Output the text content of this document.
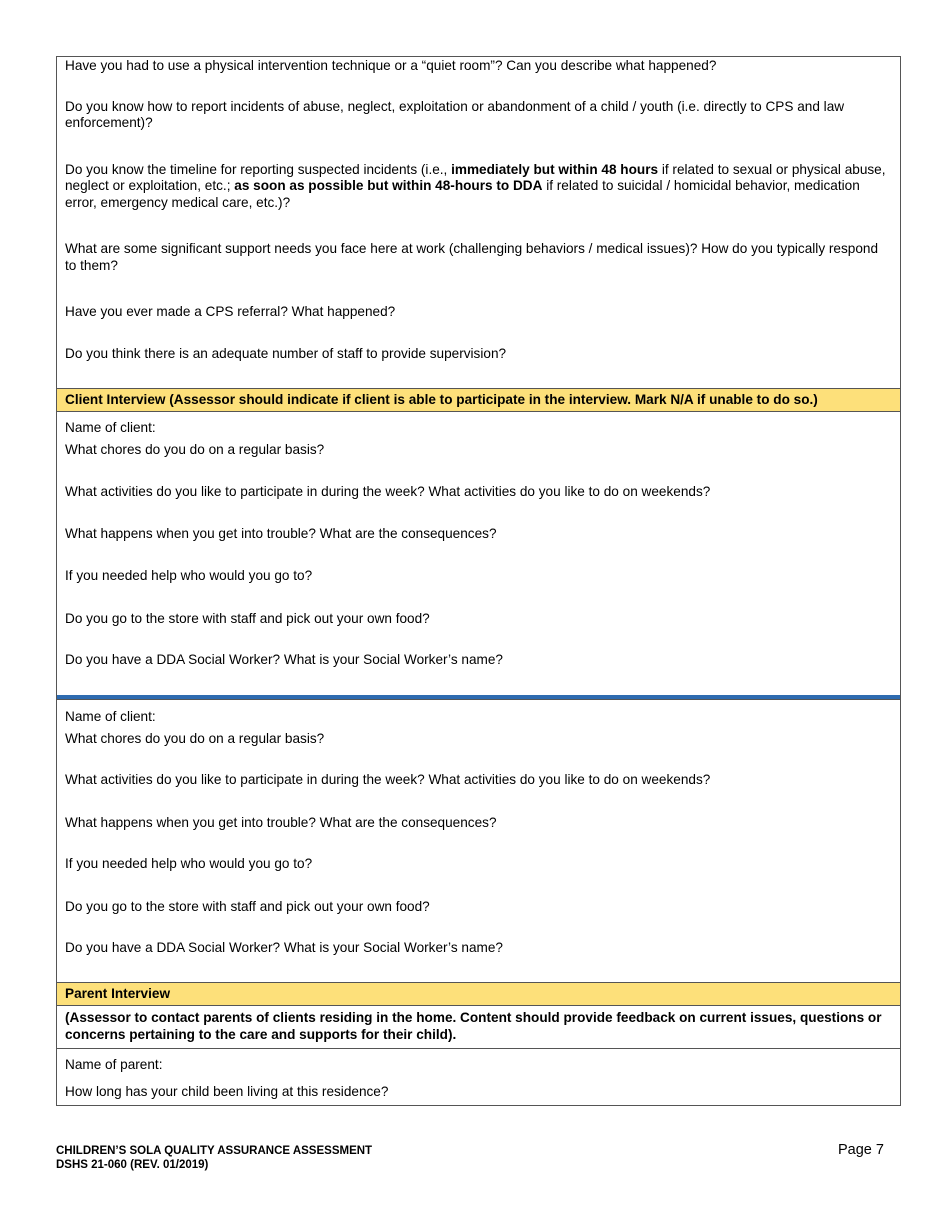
Have you had to use a physical intervention technique or a “quiet room”? Can you describe what happened?
Do you know how to report incidents of abuse, neglect, exploitation or abandonment of a child / youth (i.e. directly to CPS and law enforcement)?
Do you know the timeline for reporting suspected incidents (i.e., immediately but within 48 hours if related to sexual or physical abuse, neglect or exploitation, etc.; as soon as possible but within 48-hours to DDA if related to suicidal / homicidal behavior, medication error, emergency medical care, etc.)?
What are some significant support needs you face here at work (challenging behaviors / medical issues)? How do you typically respond to them?
Have you ever made a CPS referral? What happened?
Do you think there is an adequate number of staff to provide supervision?
Client Interview (Assessor should indicate if client is able to participate in the interview. Mark N/A if unable to do so.)
Name of client:
What chores do you do on a regular basis?
What activities do you like to participate in during the week? What activities do you like to do on weekends?
What happens when you get into trouble? What are the consequences?
If you needed help who would you go to?
Do you go to the store with staff and pick out your own food?
Do you have a DDA Social Worker? What is your Social Worker’s name?
Name of client:
What chores do you do on a regular basis?
What activities do you like to participate in during the week? What activities do you like to do on weekends?
What happens when you get into trouble? What are the consequences?
If you needed help who would you go to?
Do you go to the store with staff and pick out your own food?
Do you have a DDA Social Worker? What is your Social Worker’s name?
Parent Interview
(Assessor to contact parents of clients residing in the home. Content should provide feedback on current issues, questions or concerns pertaining to the care and supports for their child).
Name of parent:
How long has your child been living at this residence?
CHILDREN’S SOLA QUALITY ASSURANCE ASSESSMENT
DSHS 21-060 (REV. 01/2019)
Page 7
